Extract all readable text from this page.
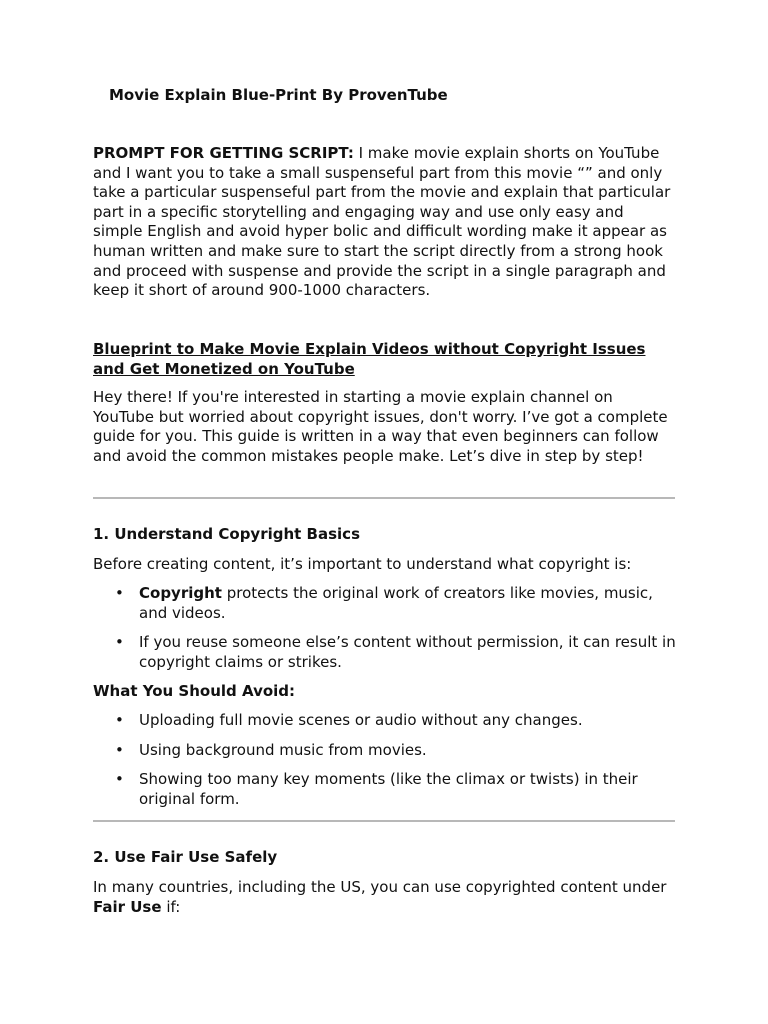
Movie Explain Blue-Print By ProvenTube

PROMPT FOR GETTING SCRIPT: I make movie explain shorts on YouTube and I want you to take a small suspenseful part from this movie “” and only take a particular suspenseful part from the movie and explain that particular part in a specific storytelling and engaging way and use only easy and simple English and avoid hyper bolic and difficult wording make it appear as human written and make sure to start the script directly from a strong hook and proceed with suspense and provide the script in a single paragraph and keep it short of around 900-1000 characters.

Blueprint to Make Movie Explain Videos without Copyright Issues and Get Monetized on YouTube

Hey there! If you're interested in starting a movie explain channel on YouTube but worried about copyright issues, don't worry. I’ve got a complete guide for you. This guide is written in a way that even beginners can follow and avoid the common mistakes people make. Let’s dive in step by step!

1. Understand Copyright Basics

Before creating content, it’s important to understand what copyright is:

• Copyright protects the original work of creators like movies, music, and videos.
• If you reuse someone else’s content without permission, it can result in copyright claims or strikes.

What You Should Avoid:

• Uploading full movie scenes or audio without any changes.
• Using background music from movies.
• Showing too many key moments (like the climax or twists) in their original form.
2. Use Fair Use Safely

In many countries, including the US, you can use copyrighted content under Fair Use if:
